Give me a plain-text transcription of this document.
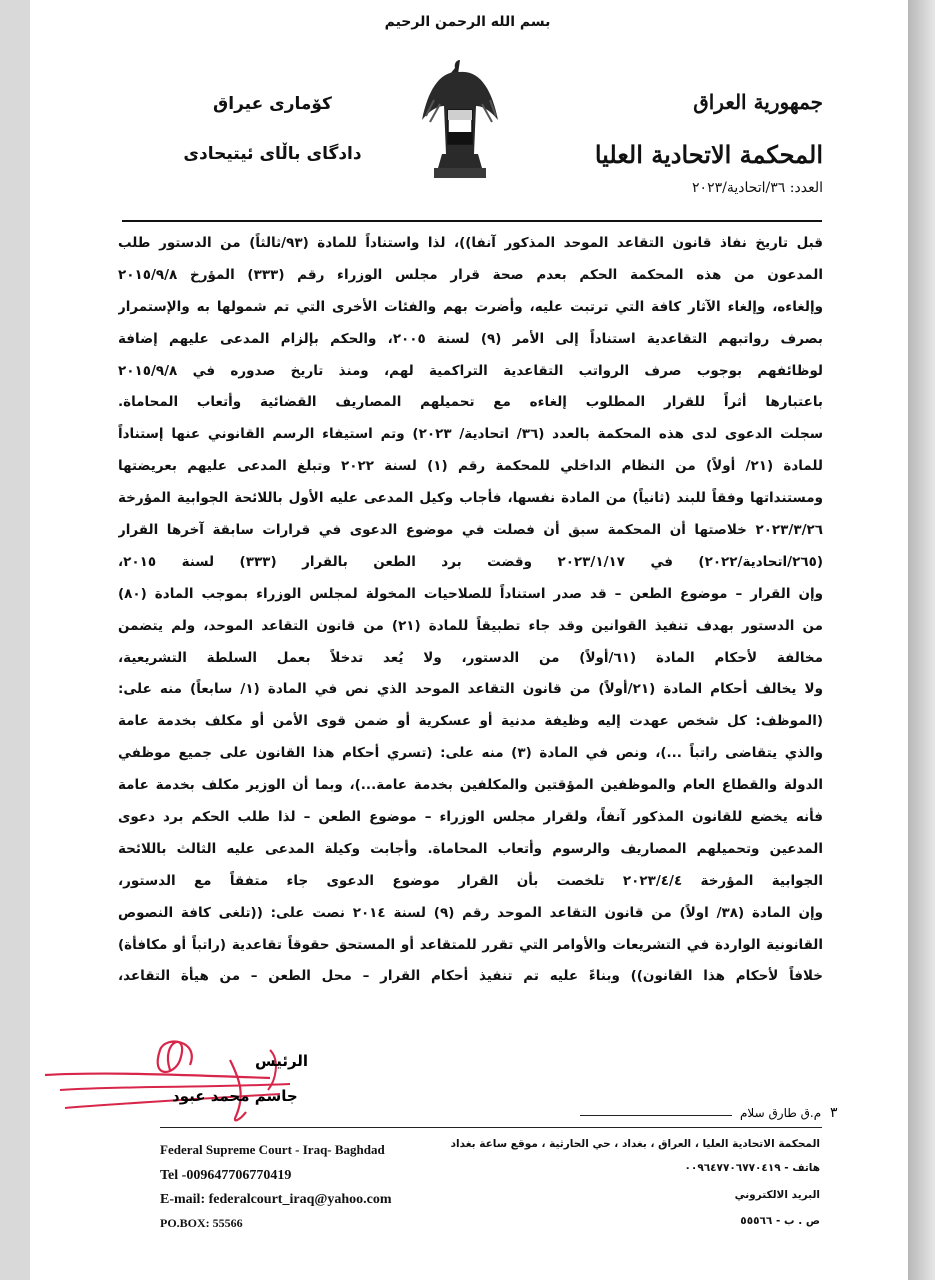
بسم الله الرحمن الرحيم
جمهورية العراق
المحكمة الاتحادية العليا
العدد: ٣٦/اتحادية/٢٠٢٣
كۆمارى عيراق
دادگاى باڵاى ئيتيحادى
قبل تاريخ نفاذ قانون التقاعد الموحد المذكور آنفا))، لذا واستناداً للمادة (٩٣/ثالثاً) من الدستور طلب
المدعون من هذه المحكمة الحكم بعدم صحة قرار مجلس الوزراء رقم (٣٣٣) المؤرخ ٢٠١٥/٩/٨
وإلغاءه، وإلغاء الآثار كافة التي ترتبت عليه، وأضرت بهم والفئات الأخرى التي تم شمولها به والإستمرار
بصرف رواتبهم التقاعدية استناداً إلى الأمر (٩) لسنة ٢٠٠٥، والحكم بإلزام المدعى عليهم إضافة
لوظائفهم بوجوب صرف الرواتب التقاعدية التراكمية لهم، ومنذ تاريخ صدوره في ٢٠١٥/٩/٨
باعتبارها أثراً للقرار المطلوب إلغاءه مع تحميلهم المصاريف القضائية وأتعاب المحاماة.
سجلت الدعوى لدى هذه المحكمة بالعدد (٣٦/ اتحادية/ ٢٠٢٣) وتم استيفاء الرسم القانوني عنها إستناداً
للمادة (٢١/ أولاً) من النظام الداخلي للمحكمة رقم (١) لسنة ٢٠٢٢ وتبلغ المدعى عليهم بعريضتها
ومستنداتها وفقاً للبند (ثانياً) من المادة نفسها، فأجاب وكيل المدعى عليه الأول باللائحة الجوابية المؤرخة
٢٠٢٣/٣/٢٦ خلاصتها أن المحكمة سبق أن فصلت في موضوع الدعوى في قرارات سابقة آخرها القرار
(٢٦٥/اتحادية/٢٠٢٢) في ٢٠٢٣/١/١٧ وقضت برد الطعن بالقرار (٣٣٣) لسنة ٢٠١٥،
وإن القرار – موضوع الطعن – قد صدر استناداً للصلاحيات المخولة لمجلس الوزراء بموجب المادة (٨٠)
من الدستور بهدف تنفيذ القوانين وقد جاء تطبيقاً للمادة (٢١) من قانون التقاعد الموحد، ولم يتضمن
مخالفة لأحكام المادة (٦١/أولاً) من الدستور، ولا يُعد تدخلاً بعمل السلطة التشريعية،
ولا يخالف أحكام المادة (٢١/أولاً) من قانون التقاعد الموحد الذي نص في المادة (١/ سابعاً) منه على:
(الموظف: كل شخص عهدت إليه وظيفة مدنية أو عسكرية أو ضمن قوى الأمن أو مكلف بخدمة عامة
والذي يتقاضى راتباً ...)، ونص في المادة (٣) منه على: (تسري أحكام هذا القانون على جميع موظفي
الدولة والقطاع العام والموظفين المؤقتين والمكلفين بخدمة عامة...)، وبما أن الوزير مكلف بخدمة عامة
فأنه يخضع للقانون المذكور آنفاً، ولقرار مجلس الوزراء – موضوع الطعن – لذا طلب الحكم برد دعوى
المدعين وتحميلهم المصاريف والرسوم وأتعاب المحاماة. وأجابت وكيلة المدعى عليه الثالث باللائحة
الجوابية المؤرخة ٢٠٢٣/٤/٤ تلخصت بأن القرار موضوع الدعوى جاء متفقاً مع الدستور،
وإن المادة (٣٨/ اولاً) من قانون التقاعد الموحد رقم (٩) لسنة ٢٠١٤ نصت على: ((تلغى كافة النصوص
القانونية الواردة في التشريعات والأوامر التي تقرر للمتقاعد أو المستحق حقوقاً تقاعدية (راتباً أو مكافأة)
خلافاً لأحكام هذا القانون)) وبناءً عليه تم تنفيذ أحكام القرار – محل الطعن – من هيأة التقاعد،
الرئيس
جاسم محمد عبود
٣
م.ق طارق سلام
Federal Supreme Court - Iraq- Baghdad
Tel -009647706770419
E-mail: federalcourt_iraq@yahoo.com
PO.BOX: 55566
المحكمة الاتحادية العليا ، العراق ، بغداد ، حي الحارثية ، موقع ساعة بغداد
هاتف - ٠٠٩٦٤٧٧٠٦٧٧٠٤١٩
البريد الالكتروني
ص . ب - ٥٥٥٦٦
